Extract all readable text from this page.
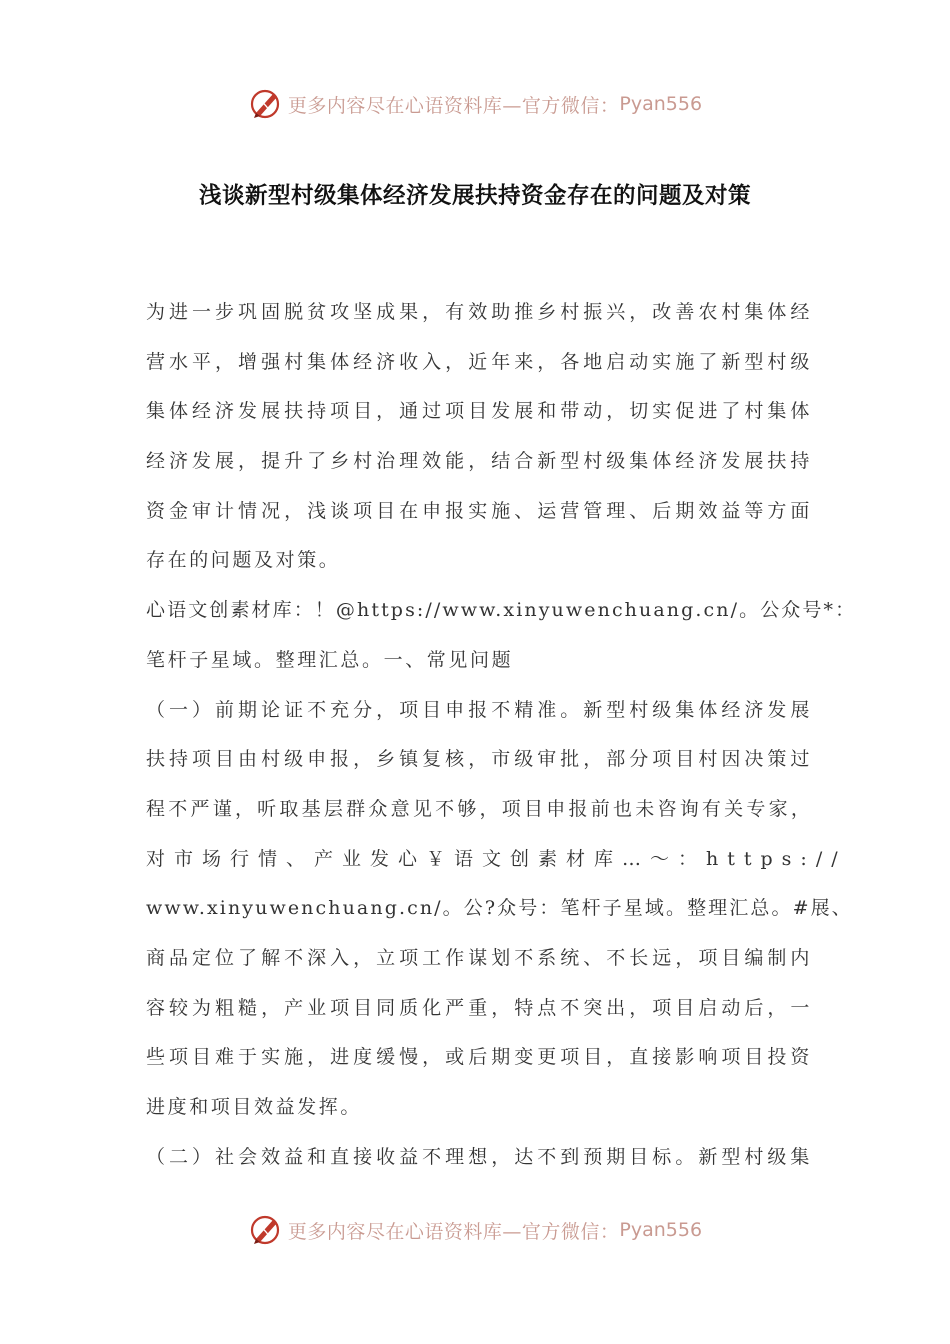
更多内容尽在心语资料库—官方微信： Pyan556
浅谈新型村级集体经济发展扶持资金存在的问题及对策
为进一步巩固脱贫攻坚成果，有效助推乡村振兴，改善农村集体经
营水平，增强村集体经济收入，近年来，各地启动实施了新型村级
集体经济发展扶持项目，通过项目发展和带动，切实促进了村集体
经济发展，提升了乡村治理效能，结合新型村级集体经济发展扶持
资金审计情况，浅谈项目在申报实施、运营管理、后期效益等方面
存在的问题及对策。
心语文创素材库：！@https://www.xinyuwenchuang.cn/。公众号*：
笔杆子星域。整理汇总。一、常见问题
（一）前期论证不充分，项目申报不精准。新型村级集体经济发展
扶持项目由村级申报，乡镇复核，市级审批，部分项目村因决策过
程不严谨，听取基层群众意见不够，项目申报前也未咨询有关专家，
对市场行情、产业发心￥语文创素材库…～：https://
www.xinyuwenchuang.cn/。公?众号：笔杆子星域。整理汇总。#展、
商品定位了解不深入，立项工作谋划不系统、不长远，项目编制内
容较为粗糙，产业项目同质化严重，特点不突出，项目启动后，一
些项目难于实施，进度缓慢，或后期变更项目，直接影响项目投资
进度和项目效益发挥。
（二）社会效益和直接收益不理想，达不到预期目标。新型村级集
更多内容尽在心语资料库—官方微信： Pyan556
